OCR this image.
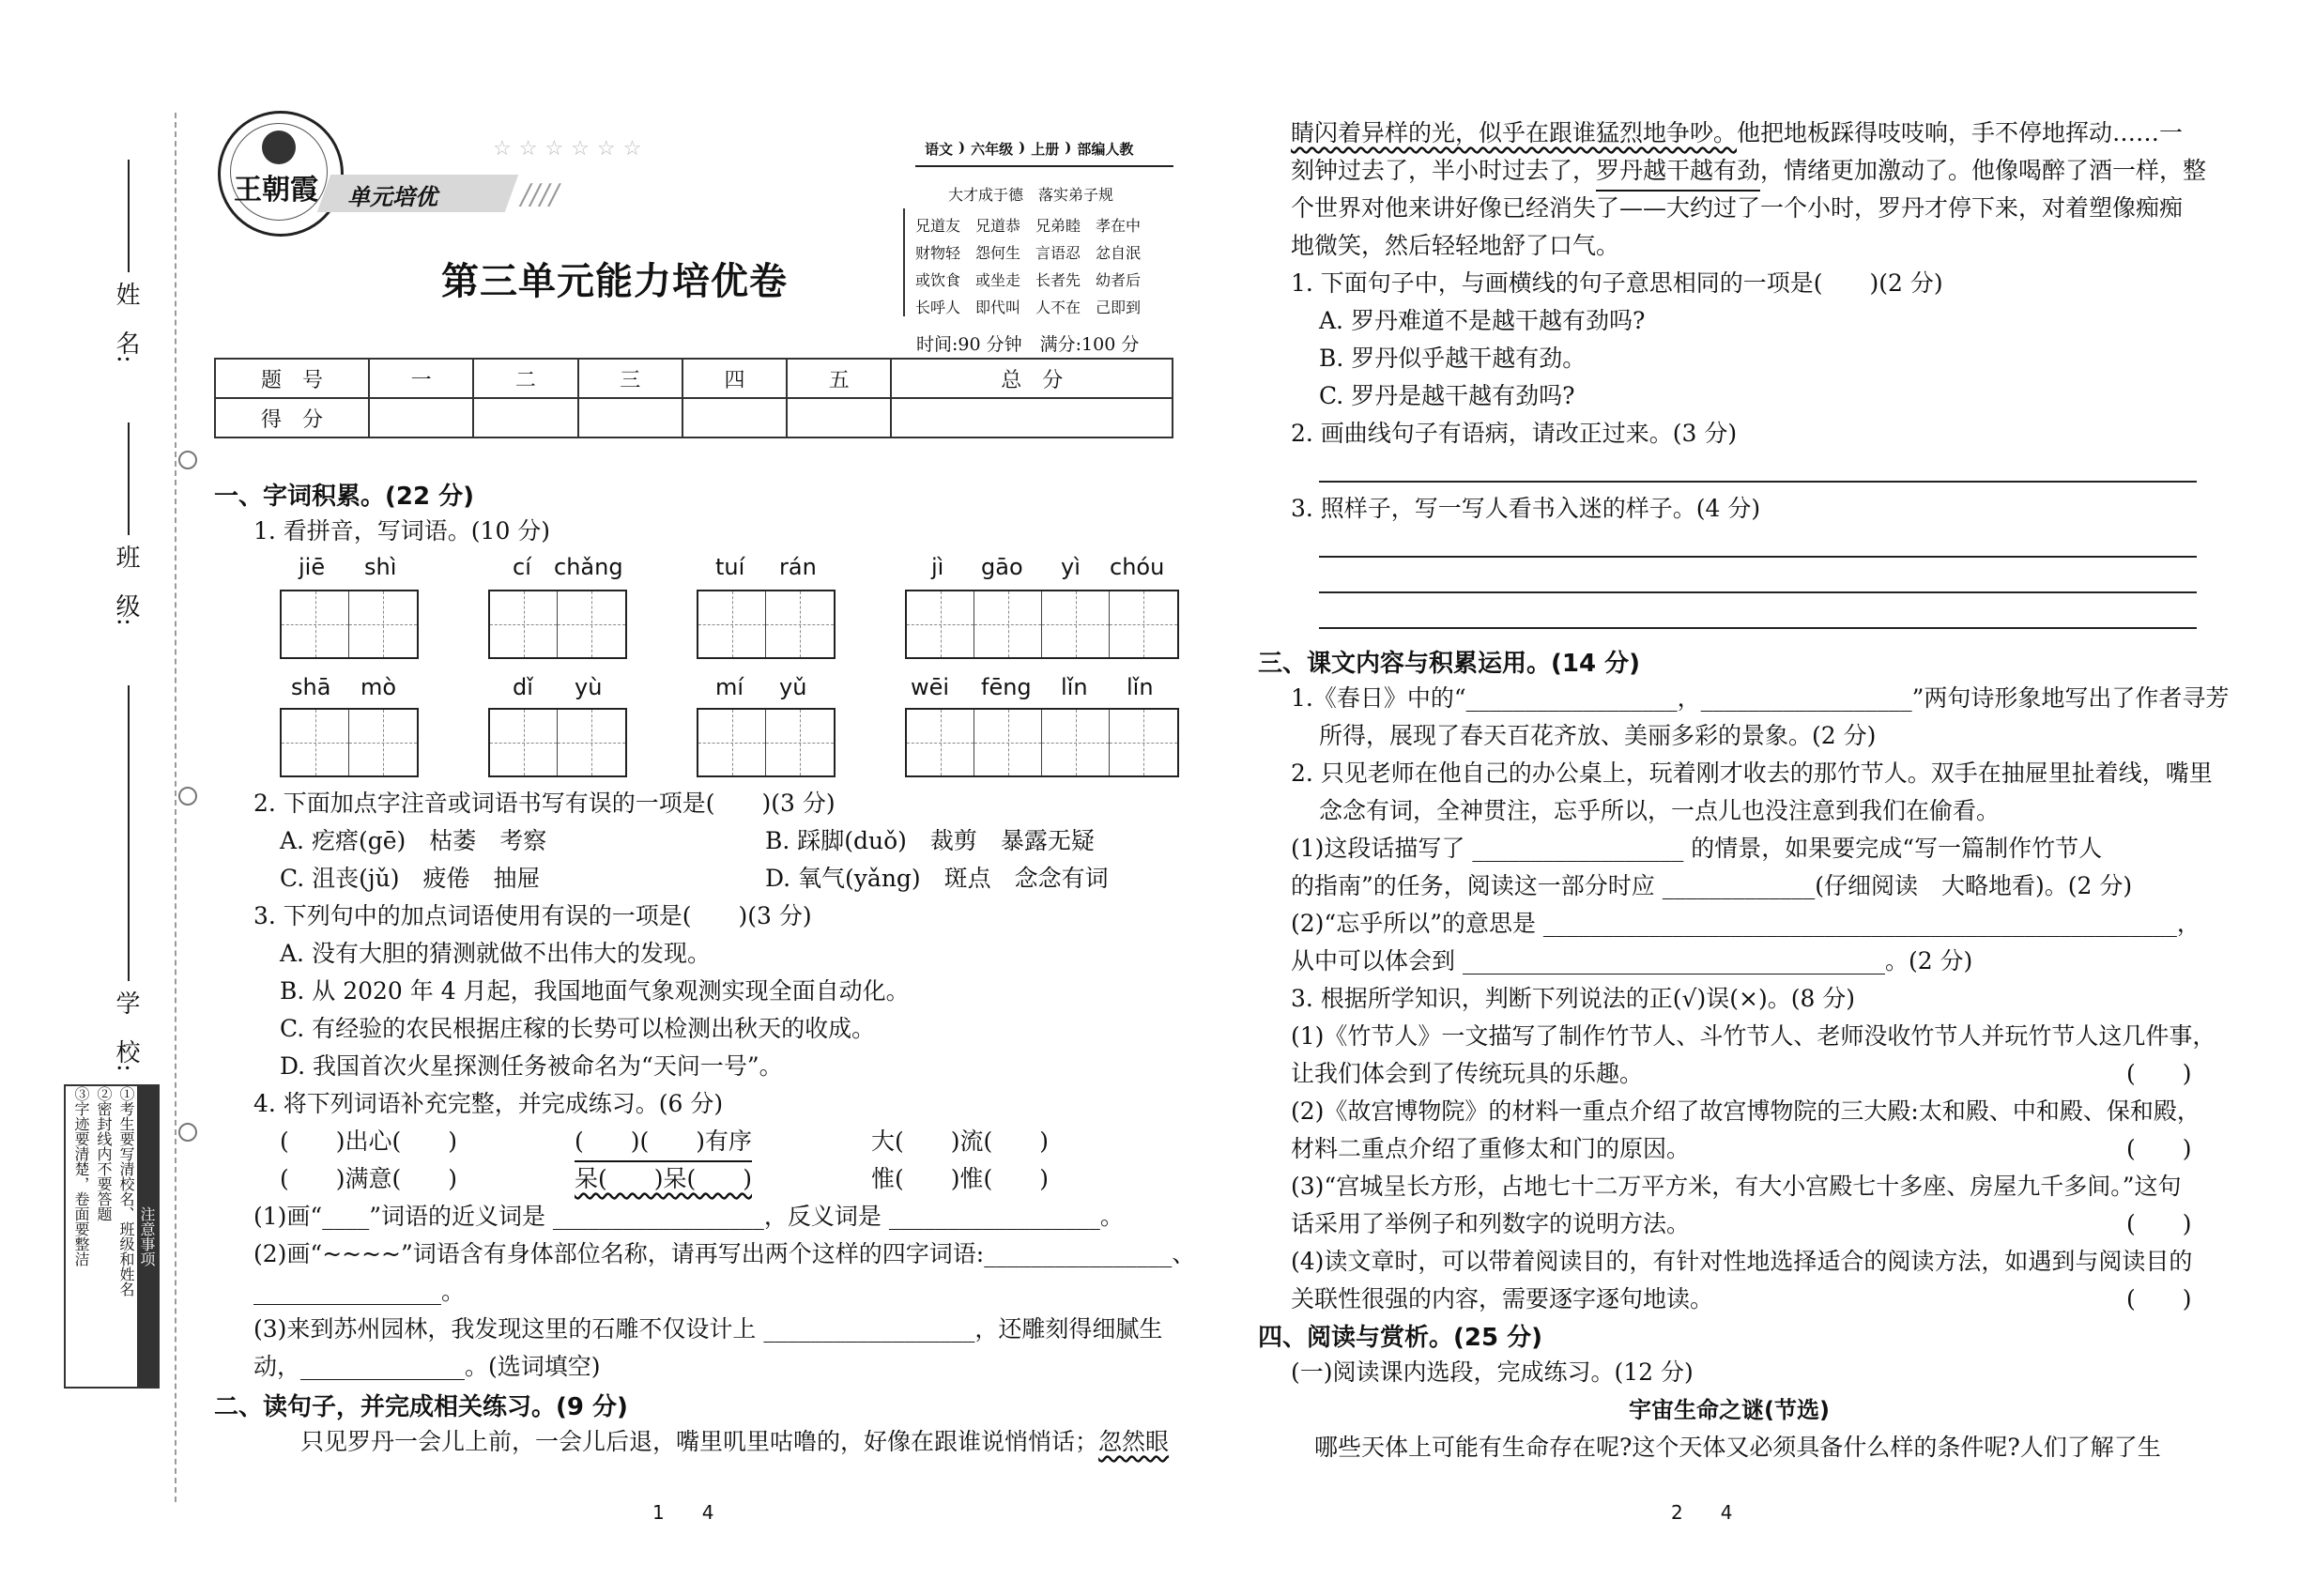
姓　名:
班　级:
学　校:
注意事项
①考生要写清校名、班级和姓名
②密封线内不要答题
③字迹要清楚，卷面要整洁
王朝霞
☆☆☆☆☆☆
单元培优	////
语文 ) 六年级 ) 上册 ) 部编人教
第三单元能力培优卷
大才成于德　落实弟子规
兄道友　兄道恭　兄弟睦　孝在中
财物轻　怨何生　言语忍　忿自泯
或饮食　或坐走　长者先　幼者后
长呼人　即代叫　人不在　己即到
时间:90 分钟　满分:100 分
题　号	一	二	三	四	五	总　分
得　分						
一、字词积累。(22 分)
1. 看拼音，写词语。(10 分)
jiē shì	cí chǎng	tuí rán	jì gāo yì chóu
shā mò	dǐ yù	mí yǔ	wēi fēng lǐn lǐn
2. 下面加点字注音或词语书写有误的一项是(　　)(3 分)
A. 疙瘩(gē)　枯萎　考察	B. 踩脚(duǒ)　裁剪　暴露无疑
C. 沮丧(jǔ)　疲倦　抽屉	D. 氧气(yǎng)　斑点　念念有词
3. 下列句中的加点词语使用有误的一项是(　　)(3 分)
A. 没有大胆的猜测就做不出伟大的发现。
B. 从 2020 年 4 月起，我国地面气象观测实现全面自动化。
C. 有经验的农民根据庄稼的长势可以检测出秋天的收成。
D. 我国首次火星探测任务被命名为“天问一号”。
4. 将下列词语补充完整，并完成练习。(6 分)
(　　)出心(　　)	(　　)(　　)有序	大(　　)流(　　)
(　　)满意(　　)	呆(　　)呆(　　)	惟(　　)惟(　　)
(1)画“____”词语的近义词是 __________________，反义词是 __________________。
(2)画“~~~~”词语含有身体部位名称，请再写出两个这样的四字词语:________________、
________________。
(3)来到苏州园林，我发现这里的石雕不仅设计上 __________________，还雕刻得细腻生
动，______________。(选词填空)
二、读句子，并完成相关练习。(9 分)
只见罗丹一会儿上前，一会儿后退，嘴里叽里咕噜的，好像在跟谁说悄悄话；忽然眼
1　　4
睛闪着异样的光，似乎在跟谁猛烈地争吵。他把地板踩得吱吱响，手不停地挥动……一
刻钟过去了，半小时过去了，罗丹越干越有劲，情绪更加激动了。他像喝醉了酒一样，整
个世界对他来讲好像已经消失了——大约过了一个小时，罗丹才停下来，对着塑像痴痴
地微笑，然后轻轻地舒了口气。
1. 下面句子中，与画横线的句子意思相同的一项是(　　)(2 分)
A. 罗丹难道不是越干越有劲吗?
B. 罗丹似乎越干越有劲。
C. 罗丹是越干越有劲吗?
2. 画曲线句子有语病，请改正过来。(3 分)
3. 照样子，写一写人看书入迷的样子。(4 分)
三、课文内容与积累运用。(14 分)
1.《春日》中的“__________________，__________________”两句诗形象地写出了作者寻芳
所得，展现了春天百花齐放、美丽多彩的景象。(2 分)
2. 只见老师在他自己的办公桌上，玩着刚才收去的那竹节人。双手在抽屉里扯着线，嘴里
念念有词，全神贯注，忘乎所以，一点儿也没注意到我们在偷看。
(1)这段话描写了 __________________ 的情景，如果要完成“写一篇制作竹节人
的指南”的任务，阅读这一部分时应 _____________(仔细阅读　大略地看)。(2 分)
(2)“忘乎所以”的意思是 ______________________________________________________，
从中可以体会到 ____________________________________。(2 分)
3. 根据所学知识，判断下列说法的正(√)误(×)。(8 分)
(1)《竹节人》一文描写了制作竹节人、斗竹节人、老师没收竹节人并玩竹节人这几件事，
让我们体会到了传统玩具的乐趣。	(　　)
(2)《故宫博物院》的材料一重点介绍了故宫博物院的三大殿:太和殿、中和殿、保和殿，
材料二重点介绍了重修太和门的原因。	(　　)
(3)“宫城呈长方形，占地七十二万平方米，有大小宫殿七十多座、房屋九千多间。”这句
话采用了举例子和列数字的说明方法。	(　　)
(4)读文章时，可以带着阅读目的，有针对性地选择适合的阅读方法，如遇到与阅读目的
关联性很强的内容，需要逐字逐句地读。	(　　)
四、阅读与赏析。(25 分)
(一)阅读课内选段，完成练习。(12 分)
宇宙生命之谜(节选)
哪些天体上可能有生命存在呢?这个天体又必须具备什么样的条件呢?人们了解了生
2　　4
